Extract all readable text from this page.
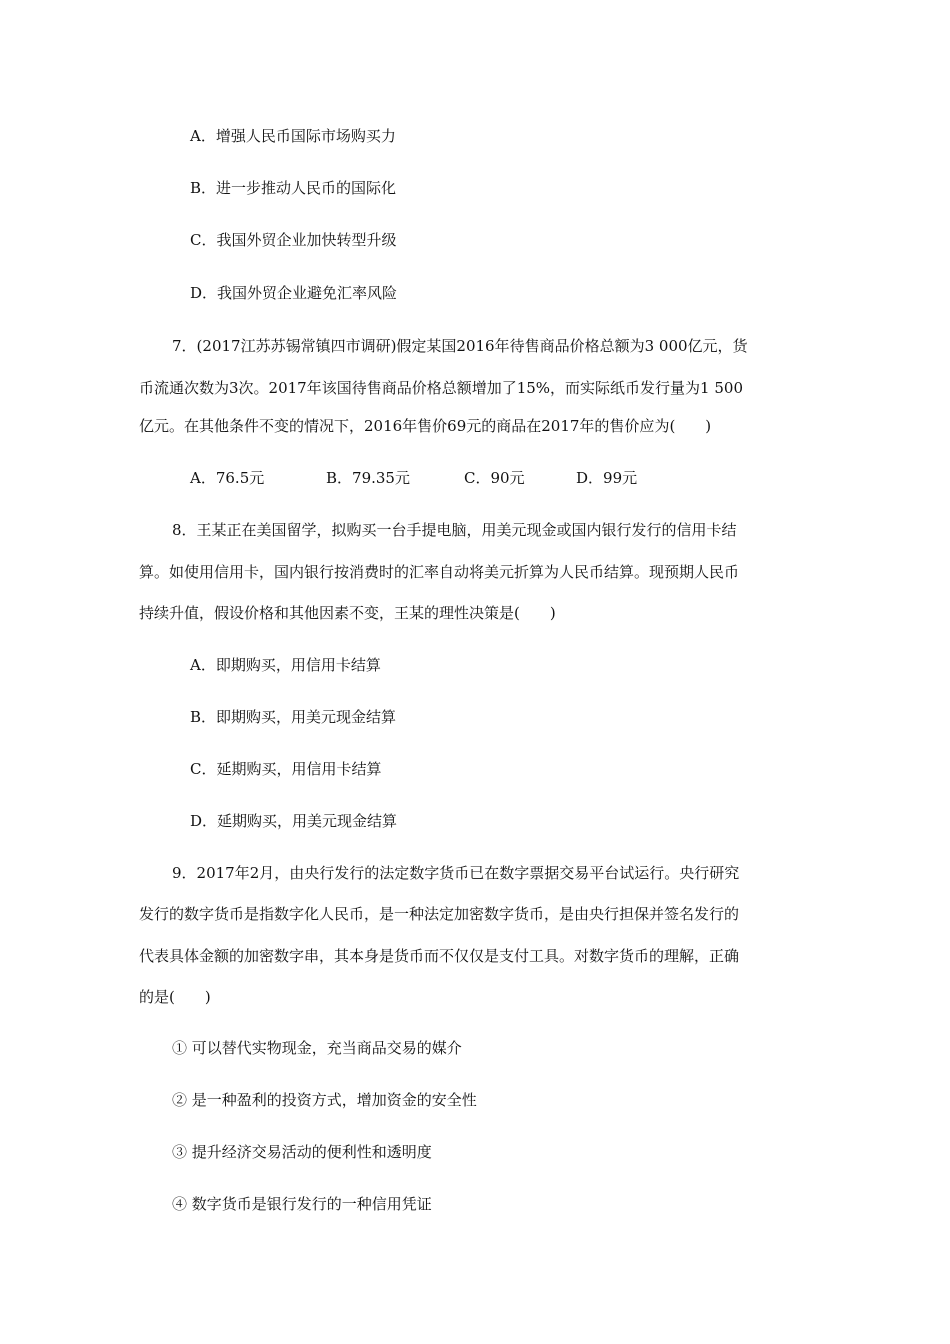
A．增强人民币国际市场购买力
B．进一步推动人民币的国际化
C．我国外贸企业加快转型升级
D．我国外贸企业避免汇率风险
7．(2017江苏苏锡常镇四市调研)假定某国2016年待售商品价格总额为3 000亿元，货
币流通次数为3次。2017年该国待售商品价格总额增加了15%，而实际纸币发行量为1 500
亿元。在其他条件不变的情况下，2016年售价69元的商品在2017年的售价应为(　　)
A．76.5元	B．79.35元	C．90元	D．99元
8．王某正在美国留学，拟购买一台手提电脑，用美元现金或国内银行发行的信用卡结
算。如使用信用卡，国内银行按消费时的汇率自动将美元折算为人民币结算。现预期人民币
持续升值，假设价格和其他因素不变，王某的理性决策是(　　)
A．即期购买，用信用卡结算
B．即期购买，用美元现金结算
C．延期购买，用信用卡结算
D．延期购买，用美元现金结算
9．2017年2月，由央行发行的法定数字货币已在数字票据交易平台试运行。央行研究
发行的数字货币是指数字化人民币，是一种法定加密数字货币，是由央行担保并签名发行的
代表具体金额的加密数字串，其本身是货币而不仅仅是支付工具。对数字货币的理解，正确
的是(　　)
① 可以替代实物现金，充当商品交易的媒介
② 是一种盈利的投资方式，增加资金的安全性
③ 提升经济交易活动的便利性和透明度
④ 数字货币是银行发行的一种信用凭证
